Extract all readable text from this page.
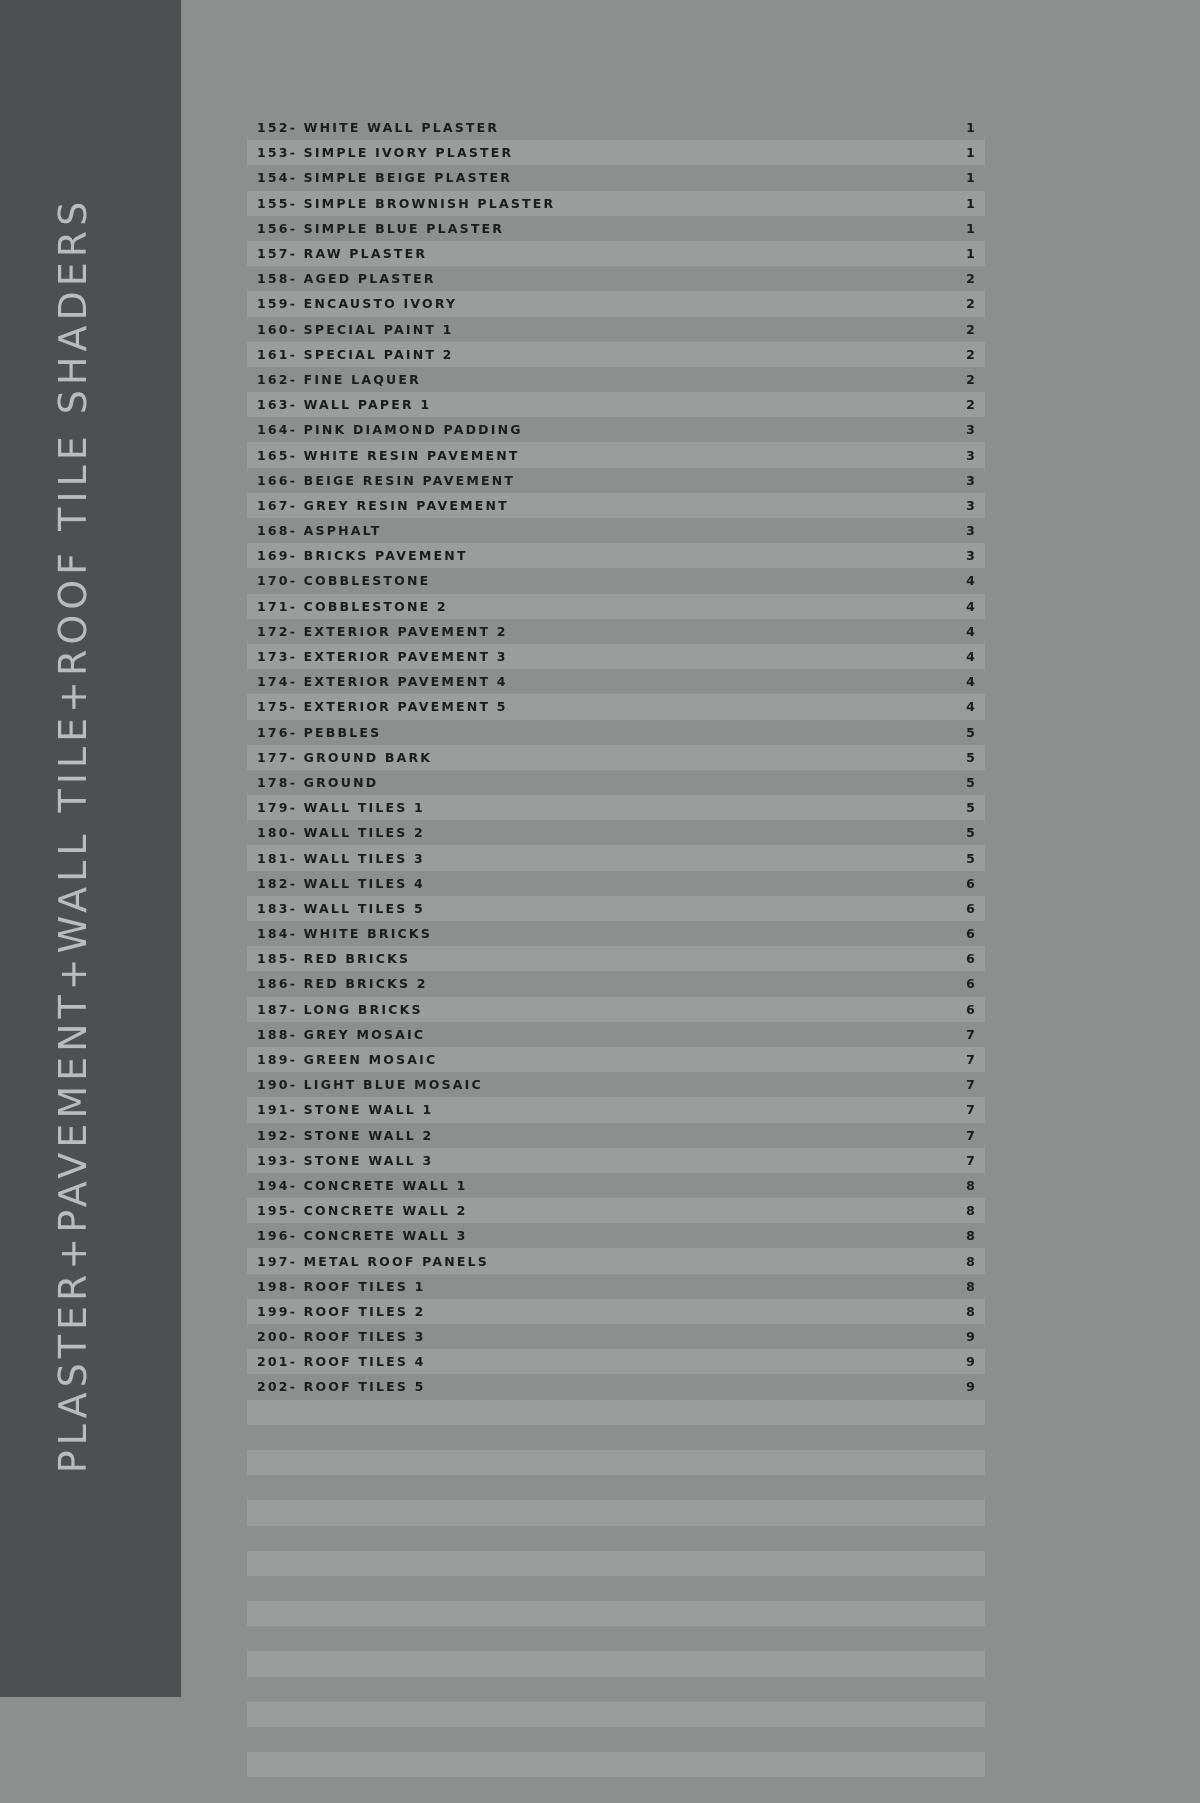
PLASTER+PAVEMENT+WALL TILE+ROOF TILE SHADERS
152- WHITE WALL PLASTER	1
153- SIMPLE IVORY PLASTER	1
154- SIMPLE BEIGE PLASTER	1
155- SIMPLE BROWNISH PLASTER	1
156- SIMPLE BLUE PLASTER	1
157- RAW PLASTER	1
158- AGED PLASTER	2
159- ENCAUSTO IVORY	2
160- SPECIAL PAINT 1	2
161- SPECIAL PAINT 2	2
162- FINE LAQUER	2
163- WALL PAPER 1	2
164- PINK DIAMOND PADDING	3
165- WHITE RESIN PAVEMENT	3
166- BEIGE RESIN PAVEMENT	3
167- GREY RESIN PAVEMENT	3
168- ASPHALT	3
169- BRICKS PAVEMENT	3
170- COBBLESTONE	4
171- COBBLESTONE 2	4
172- EXTERIOR PAVEMENT 2	4
173- EXTERIOR PAVEMENT 3	4
174- EXTERIOR PAVEMENT 4	4
175- EXTERIOR PAVEMENT 5	4
176- PEBBLES	5
177- GROUND BARK	5
178- GROUND	5
179- WALL TILES 1	5
180- WALL TILES 2	5
181- WALL TILES 3	5
182- WALL TILES 4	6
183- WALL TILES 5	6
184- WHITE BRICKS	6
185- RED BRICKS	6
186- RED BRICKS 2	6
187- LONG BRICKS	6
188- GREY MOSAIC	7
189- GREEN MOSAIC	7
190- LIGHT BLUE MOSAIC	7
191- STONE WALL 1	7
192- STONE WALL 2	7
193- STONE WALL 3	7
194- CONCRETE WALL 1	8
195- CONCRETE WALL 2	8
196- CONCRETE WALL 3	8
197- METAL ROOF PANELS	8
198- ROOF TILES 1	8
199- ROOF TILES 2	8
200- ROOF TILES 3	9
201- ROOF TILES 4	9
202- ROOF TILES 5	9
